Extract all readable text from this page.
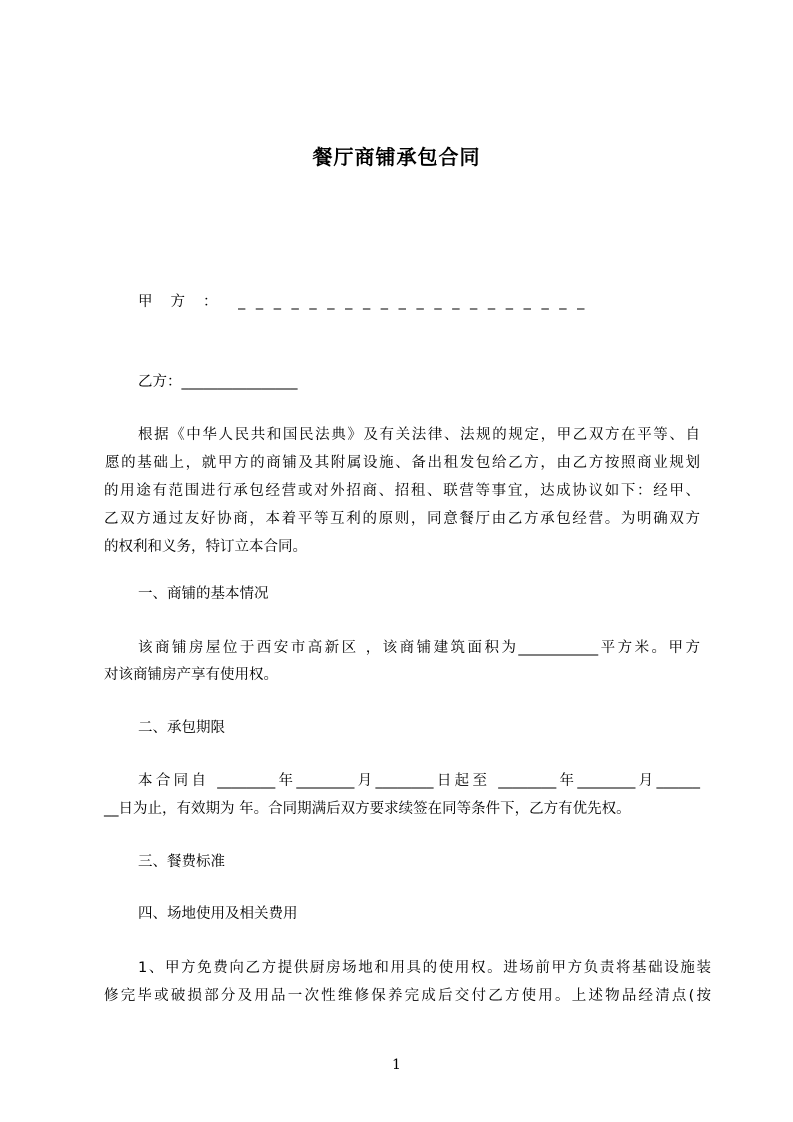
餐厅商铺承包合同
甲方： ____________________

乙方：________________

根据《中华人民共和国民法典》及有关法律、法规的规定，甲乙双方在平等、自

愿的基础上，就甲方的商铺及其附属设施、备出租发包给乙方，由乙方按照商业规划

的用途有范围进行承包经营或对外招商、招租、联营等事宜，达成协议如下：经甲、

乙双方通过友好协商，本着平等互利的原则，同意餐厅由乙方承包经营。为明确双方

的权利和义务，特订立本合同。

一、商铺的基本情况

该商铺房屋位于西安市高新区 ，该商铺建筑面积为___________平方米。甲方

对该商铺房产享有使用权。

二、承包期限

本合同自 ________年________月________日起至 ________年________月______

__日为止，有效期为 年。合同期满后双方要求续签在同等条件下，乙方有优先权。

三、餐费标准

四、场地使用及相关费用

1、甲方免费向乙方提供厨房场地和用具的使用权。进场前甲方负责将基础设施装

修完毕或破损部分及用品一次性维修保养完成后交付乙方使用。上述物品经清点(按

1
